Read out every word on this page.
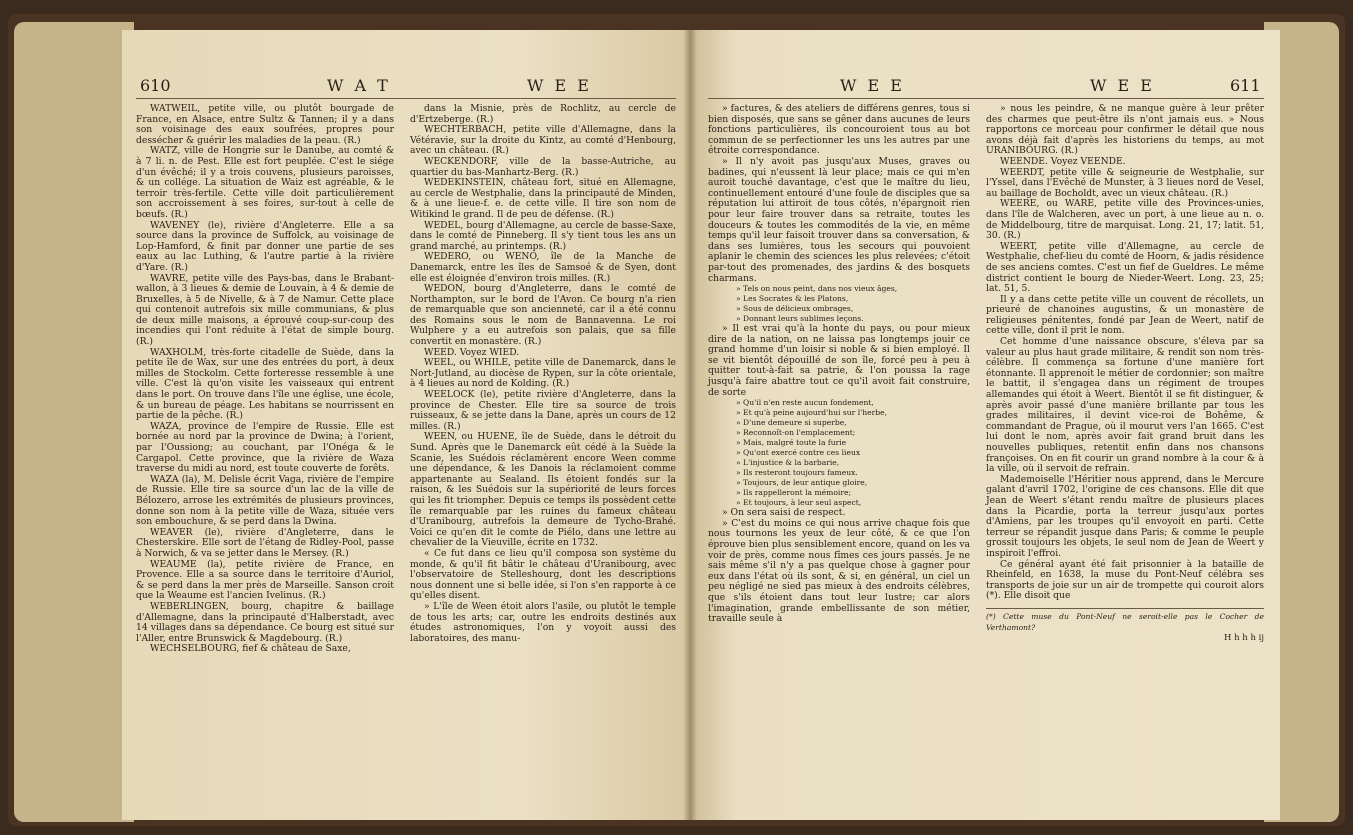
610	W A T	W E E

WATWEIL, petite ville, ou plutôt bourgade de France, en Alsace, entre Sultz & Tannen; il y a dans son voisinage des eaux soufrées, propres pour dessécher & guérir les maladies de la peau. (R.)

WATZ, ville de Hongrie sur le Danube, au comté & à 7 li. n. de Pest. Elle est fort peuplée. C'est le siége d'un évêché; il y a trois couvens, plusieurs paroisses, & un collége. La situation de Waiz est agréable, & le terroir très-fertile. Cette ville doit particulièrement son accroissement à ses foires, sur-tout à celle de bœufs. (R.)

WAVENEY (le), rivière d'Angleterre. Elle a sa source dans la province de Suffolck, au voisinage de Lop-Hamford, & finit par donner une partie de ses eaux au lac Luthing, & l'autre partie à la rivière d'Yare. (R.)

WAVRE, petite ville des Pays-bas, dans le Brabant-wallon, à 3 lieues & demie de Louvain, à 4 & demie de Bruxelles, à 5 de Nivelle, & à 7 de Namur. Cette place qui contenoit autrefois six mille communians, & plus de deux mille maisons, a éprouvé coup-sur-coup des incendies qui l'ont réduite à l'état de simple bourg. (R.)

WAXHOLM, très-forte citadelle de Suède, dans la petite île de Wax, sur une des entrées du port, à deux milles de Stockolm. Cette forteresse ressemble à une ville. C'est là qu'on visite les vaisseaux qui entrent dans le port. On trouve dans l'île une église, une école, & un bureau de péage. Les habitans se nourrissent en partie de la pêche. (R.)

WAZA, province de l'empire de Russie. Elle est bornée au nord par la province de Dwina; à l'orient, par l'Oussiong; au couchant, par l'Onéga & le Cargapol. Cette province, que la rivière de Waza traverse du midi au nord, est toute couverte de forêts.

WAZA (la), M. Delisle écrit Vaga, rivière de l'empire de Russie. Elle tire sa source d'un lac de la ville de Bélozero, arrose les extrémités de plusieurs provinces, donne son nom à la petite ville de Waza, située vers son embouchure, & se perd dans la Dwina.

WEAVER (le), rivière d'Angleterre, dans le Chesterskire. Elle sort de l'étang de Ridley-Pool, passe à Norwich, & va se jetter dans le Mersey. (R.)

WEAUME (la), petite rivière de France, en Provence. Elle a sa source dans le territoire d'Auriol, & se perd dans la mer près de Marseille. Sanson croit que la Weaume est l'ancien Ivelinus. (R.)

WEBERLINGEN, bourg, chapitre & baillage d'Allemagne, dans la principauté d'Halberstadt, avec 14 villages dans sa dépendance. Ce bourg est situé sur l'Aller, entre Brunswick & Magdebourg. (R.)

WECHSELBOURG, fief & château de Saxe,

dans la Misnie, près de Rochlitz, au cercle de d'Ertzeberge. (R.)

WECHTERBACH, petite ville d'Allemagne, dans la Vétéravie, sur la droite du Kintz, au comté d'Henbourg, avec un château. (R.)

WECKENDORF, ville de la basse-Autriche, au quartier du bas-Manhartz-Berg. (R.)

WEDEKINSTEIN, château fort, situé en Allemagne, au cercle de Westphalie, dans la principauté de Minden, & à une lieue-f. e. de cette ville. Il tire son nom de Witikind le grand. Il de peu de défense. (R.)

WEDEL, bourg d'Allemagne, au cercle de basse-Saxe, dans le comté de Pinneberg. Il s'y tient tous les ans un grand marché, au printemps. (R.)

WEDERO, ou WENO, île de la Manche de Danemarck, entre les îles de Samsoé & de Syen, dont elle est éloignée d'environ trois milles. (R.)

WEDON, bourg d'Angleterre, dans le comté de Northampton, sur le bord de l'Avon. Ce bourg n'a rien de remarquable que son ancienneté, car il a été connu des Romains sous le nom de Bannavenna. Le roi Wulphere y a eu autrefois son palais, que sa fille convertit en monastère. (R.)

WEED. Voyez WIED.

WEEL, ou WHILE, petite ville de Danemarck, dans le Nort-Jutland, au diocèse de Rypen, sur la côte orientale, à 4 lieues au nord de Kolding. (R.)

WEELOCK (le), petite rivière d'Angleterre, dans la province de Chester. Elle tire sa source de trois ruisseaux, & se jette dans la Dane, après un cours de 12 milles. (R.)

WEEN, ou HUENE, île de Suède, dans le détroit du Sund. Après que le Danemarck eût cédé à la Suède la Scanie, les Suédois réclamèrent encore Ween comme une dépendance, & les Danois la réclamoient comme appartenante au Sealand. Ils étoient fondés sur la raison, & les Suédois sur la supériorité de leurs forces qui les fit triompher. Depuis ce temps ils possèdent cette île remarquable par les ruines du fameux château d'Uranibourg, autrefois la demeure de Tycho-Brahé. Voici ce qu'en dit le comte de Piélo, dans une lettre au chevalier de la Vieuville, écrite en 1732.

« Ce fut dans ce lieu qu'il composa son système du monde, & qu'il fit bâtir le château d'Uranibourg, avec l'observatoire de Stelleshourg, dont les descriptions nous donnent une si belle idée, si l'on s'en rapporte à ce qu'elles disent.

» L'île de Ween étoit alors l'asile, ou plutôt le temple de tous les arts; car, outre les endroits destinés aux études astronomiques, l'on y voyoit aussi des laboratoires, des manu-

W E E	W E E	611

» factures, & des ateliers de différens genres, tous si bien disposés, que sans se gêner dans aucunes de leurs fonctions particulières, ils concouroient tous au bot commun de se perfectionner les uns les autres par une étroite correspondance.

» Il n'y avoit pas jusqu'aux Muses, graves ou badines, qui n'eussent là leur place; mais ce qui m'en auroit touché davantage, c'est que le maître du lieu, continuellement entouré d'une foule de disciples que sa réputation lui attiroit de tous côtés, n'épargnoit rien pour leur faire trouver dans sa retraite, toutes les douceurs & toutes les commodités de la vie, en même temps qu'il leur faisoit trouver dans sa conversation, & dans ses lumières, tous les secours qui pouvoient aplanir le chemin des sciences les plus relevées; c'étoit par-tout des promenades, des jardins & des bosquets charmans.

» Tels on nous peint, dans nos vieux âges,

» Les Socrates & les Platons,

» Sous de délicieux ombrages,

» Donnant leurs sublimes leçons.

» Il est vrai qu'à la honte du pays, ou pour mieux dire de la nation, on ne laissa pas longtemps jouir ce grand homme d'un loisir si noble & si bien employé. Il se vit bientôt dépouillé de son île, forcé peu à peu à quitter tout-à-fait sa patrie, & l'on poussa la rage jusqu'à faire abattre tout ce qu'il avoit fait construire, de sorte

» Qu'il n'en reste aucun fondement,

» Et qu'à peine aujourd'hui sur l'herbe,

» D'une demeure si superbe,

» Reconnoît-on l'emplacement;

» Mais, malgré toute la furie

» Qu'ont exercé contre ces lieux

» L'injustice & la barbarie,

» Ils resteront toujours fameux.

» Toujours, de leur antique gloire,

» Ils rappelleront la mémoire;

» Et toujours, à leur seul aspect,

» On sera saisi de respect.

» C'est du moins ce qui nous arrive chaque fois que nous tournons les yeux de leur côté, & ce que l'on éprouve bien plus sensiblement encore, quand on les va voir de près, comme nous fîmes ces jours passés. Je ne sais même s'il n'y a pas quelque chose à gagner pour eux dans l'état où ils sont, & si, en général, un ciel un peu négligé ne sied pas mieux à des endroits célèbres, que s'ils étoient dans tout leur lustre; car alors l'imagination, grande embellissante de son métier, travaille seule à

» nous les peindre, & ne manque guère à leur prêter des charmes que peut-être ils n'ont jamais eus. » Nous rapportons ce morceau pour confirmer le détail que nous avons déjà fait d'après les historiens du temps, au mot URANIBOURG. (R.)

WEENDE. Voyez VEENDE.

WEERDT, petite ville & seigneurie de Westphalie, sur l'Yssel, dans l'Evêché de Munster, à 3 lieues nord de Vesel, au baillage de Bocholdt, avec un vieux château. (R.)

WEERE, ou WARE, petite ville des Provinces-unies, dans l'île de Walcheren, avec un port, à une lieue au n. o. de Middelbourg, titre de marquisat. Long. 21, 17; latit. 51, 30. (R.)

WEERT, petite ville d'Allemagne, au cercle de Westphalie, chef-lieu du comté de Hoorn, & jadis résidence de ses anciens comtes. C'est un fief de Gueldres. Le même district contient le bourg de Nieder-Weert. Long. 23, 25; lat. 51, 5.

Il y a dans cette petite ville un couvent de récollets, un prieuré de chanoines augustins, & un monastère de religieuses pénitentes, fondé par Jean de Weert, natif de cette ville, dont il prit le nom.

Cet homme d'une naissance obscure, s'éleva par sa valeur au plus haut grade militaire, & rendit son nom très-célèbre. Il commença sa fortune d'une manière fort étonnante. Il apprenoit le métier de cordonnier; son maître le battit, il s'engagea dans un régiment de troupes allemandes qui étoit à Weert. Bientôt il se fit distinguer, & après avoir passé d'une manière brillante par tous les grades militaires, il devint vice-roi de Bohême, & commandant de Prague, où il mourut vers l'an 1665. C'est lui dont le nom, après avoir fait grand bruit dans les nouvelles publiques, retentit enfin dans nos chansons françoises. On en fit courir un grand nombre à la cour & à la ville, où il servoit de refrain.

Mademoiselle l'Héritier nous apprend, dans le Mercure galant d'avril 1702, l'origine de ces chansons. Elle dit que Jean de Weert s'étant rendu maître de plusieurs places dans la Picardie, porta la terreur jusqu'aux portes d'Amiens, par les troupes qu'il envoyoit en parti. Cette terreur se répandit jusque dans Paris; & comme le peuple grossit toujours les objets, le seul nom de Jean de Weert y inspiroit l'effroi.

Ce général ayant été fait prisonnier à la bataille de Rheinfeld, en 1638, la muse du Pont-Neuf célébra ses transports de joie sur un air de trompette qui couroit alors (*). Elle disoit que

(*) Cette muse du Pont-Neuf ne seroit-elle pas le Cocher de Verthamont?

H h h h ij
